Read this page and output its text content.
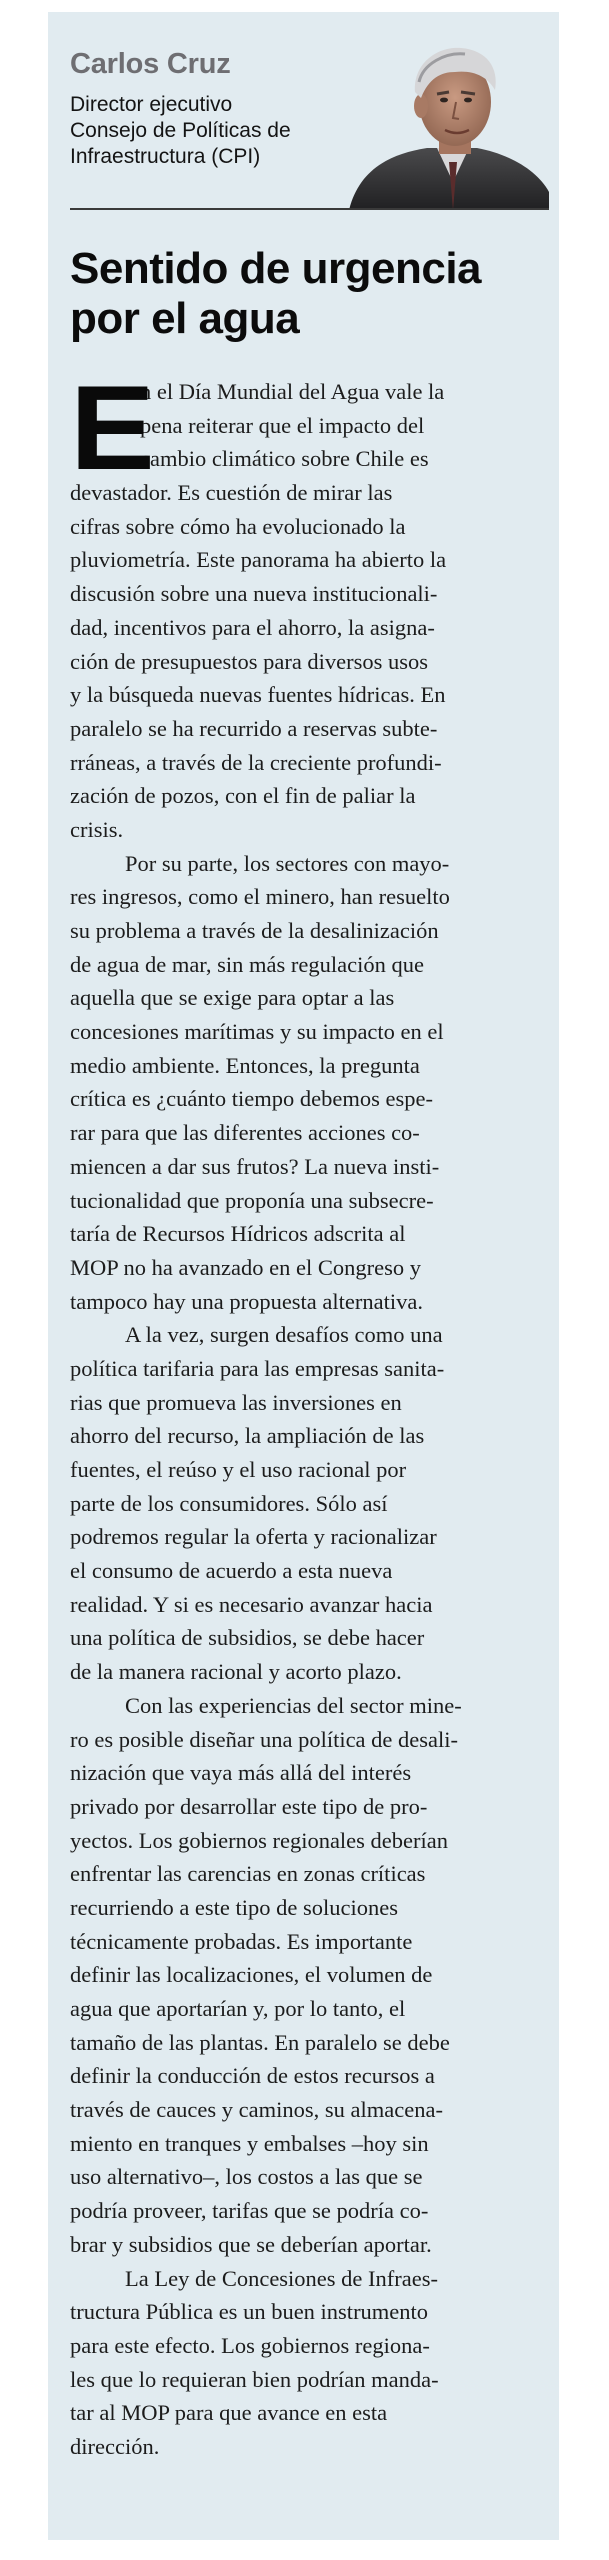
Carlos Cruz
Director ejecutivo
Consejo de Políticas de
Infraestructura (CPI)
Sentido de urgencia
por el agua
E
n el Día Mundial del Agua vale la
pena reiterar que el impacto del
cambio climático sobre Chile es
devastador. Es cuestión de mirar las
cifras sobre cómo ha evolucionado la
pluviometría. Este panorama ha abierto la
discusión sobre una nueva institucionali-
dad, incentivos para el ahorro, la asigna-
ción de presupuestos para diversos usos
y la búsqueda nuevas fuentes hídricas. En
paralelo se ha recurrido a reservas subte-
rráneas, a través de la creciente profundi-
zación de pozos, con el fin de paliar la
crisis.
Por su parte, los sectores con mayo-
res ingresos, como el minero, han resuelto
su problema a través de la desalinización
de agua de mar, sin más regulación que
aquella que se exige para optar a las
concesiones marítimas y su impacto en el
medio ambiente. Entonces, la pregunta
crítica es ¿cuánto tiempo debemos espe-
rar para que las diferentes acciones co-
miencen a dar sus frutos? La nueva insti-
tucionalidad que proponía una subsecre-
taría de Recursos Hídricos adscrita al
MOP no ha avanzado en el Congreso y
tampoco hay una propuesta alternativa.
A la vez, surgen desafíos como una
política tarifaria para las empresas sanita-
rias que promueva las inversiones en
ahorro del recurso, la ampliación de las
fuentes, el reúso y el uso racional por
parte de los consumidores. Sólo así
podremos regular la oferta y racionalizar
el consumo de acuerdo a esta nueva
realidad. Y si es necesario avanzar hacia
una política de subsidios, se debe hacer
de la manera racional y acorto plazo.
Con las experiencias del sector mine-
ro es posible diseñar una política de desali-
nización que vaya más allá del interés
privado por desarrollar este tipo de pro-
yectos. Los gobiernos regionales deberían
enfrentar las carencias en zonas críticas
recurriendo a este tipo de soluciones
técnicamente probadas. Es importante
definir las localizaciones, el volumen de
agua que aportarían y, por lo tanto, el
tamaño de las plantas. En paralelo se debe
definir la conducción de estos recursos a
través de cauces y caminos, su almacena-
miento en tranques y embalses –hoy sin
uso alternativo–, los costos a las que se
podría proveer, tarifas que se podría co-
brar y subsidios que se deberían aportar.
La Ley de Concesiones de Infraes-
tructura Pública es un buen instrumento
para este efecto. Los gobiernos regiona-
les que lo requieran bien podrían manda-
tar al MOP para que avance en esta
dirección.
